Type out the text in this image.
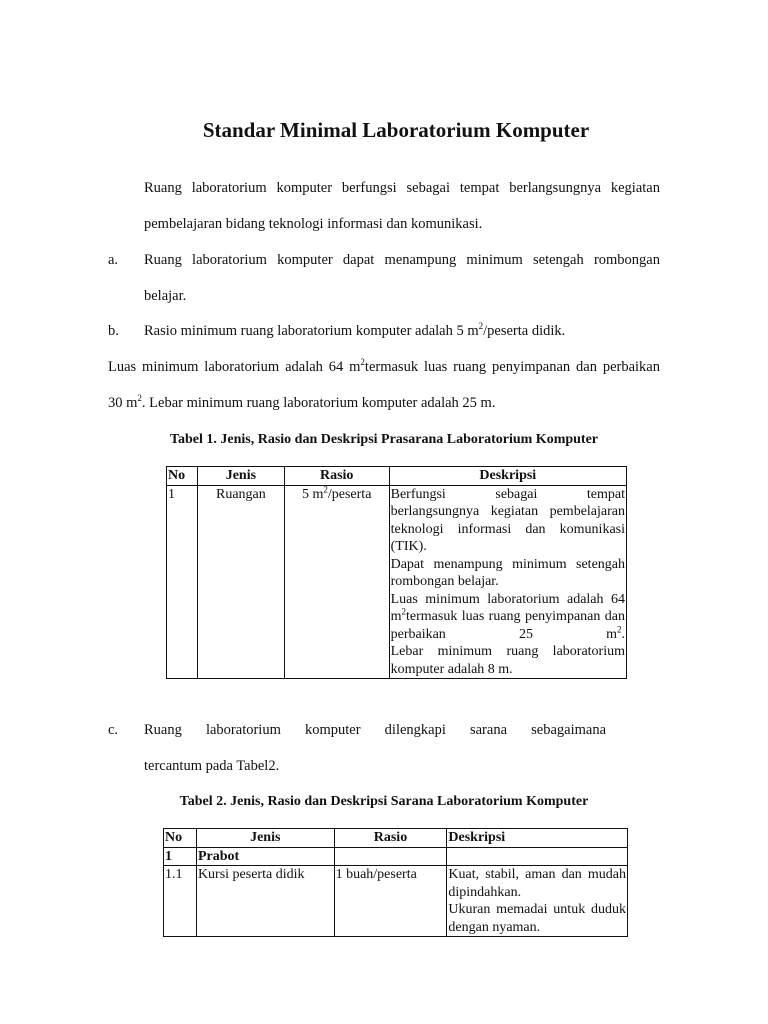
Standar Minimal Laboratorium Komputer
Ruang laboratorium komputer berfungsi sebagai tempat berlangsungnya kegiatan
pembelajaran bidang teknologi informasi dan komunikasi.
a. Ruang laboratorium komputer dapat menampung minimum setengah rombongan
belajar.
b. Rasio minimum ruang laboratorium komputer adalah 5 $m^2$/peserta didik.
Luas minimum laboratorium adalah 64 $m^2termasuk$ luas ruang penyimpanan dan perbaikan
30 $m^2$. Lebar minimum ruang laboratorium komputer adalah 25 m.
Tabel 1. Jenis, Rasio dan Deskripsi Prasarana Laboratorium Komputer
No	Jenis	Rasio	Deskripsi
1	Ruangan	5 $m^2$/peserta	Berfungsi sebagai tempat berlangsungnya kegiatan pembelajaran teknologi informasi dan komunikasi (TIK).

Dapat menampung minimum setengah rombongan belajar.

Luas minimum laboratorium adalah 64 $m^2termasuk$ luas ruang penyimpanan dan perbaikan 25 $m^2$.

Lebar minimum ruang laboratorium komputer adalah 8 m.

c. Ruang laboratorium komputer dilengkapi sarana sebagaimana
tercantum pada Tabel2.
Tabel 2. Jenis, Rasio dan Deskripsi Sarana Laboratorium Komputer
No	Jenis	Rasio	Deskripsi
1	Prabot		
1.1	Kursi peserta didik	1 buah/peserta	Kuat, stabil, aman dan mudah dipindahkan.

Ukuran memadai untuk duduk dengan nyaman.
